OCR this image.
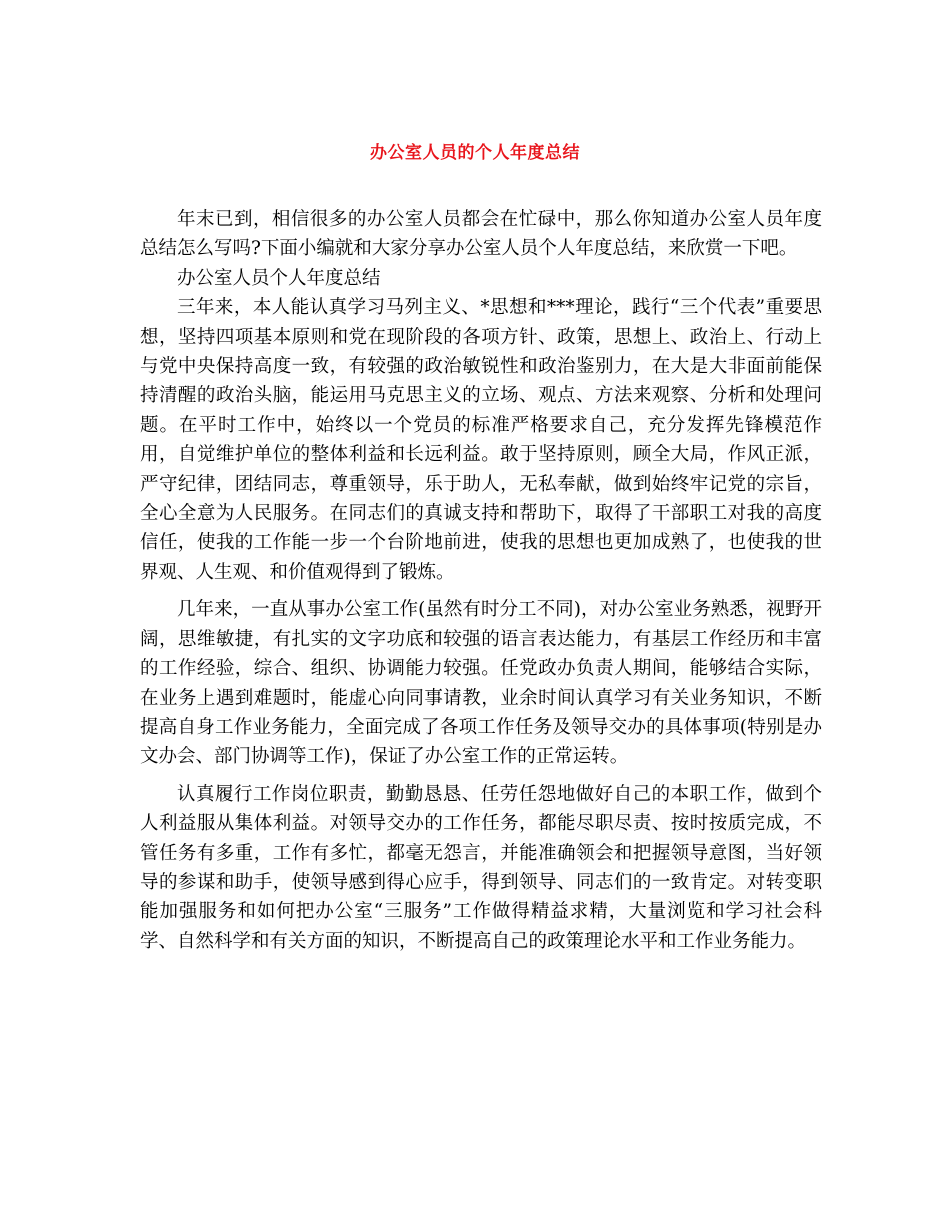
办公室人员的个人年度总结

年末已到，相信很多的办公室人员都会在忙碌中，那么你知道办公室人员年度总结怎么写吗?下面小编就和大家分享办公室人员个人年度总结，来欣赏一下吧。

办公室人员个人年度总结

三年来，本人能认真学习马列主义、*思想和***理论，践行“三个代表”重要思想，坚持四项基本原则和党在现阶段的各项方针、政策，思想上、政治上、行动上与党中央保持高度一致，有较强的政治敏锐性和政治鉴别力，在大是大非面前能保持清醒的政治头脑，能运用马克思主义的立场、观点、方法来观察、分析和处理问题。在平时工作中，始终以一个党员的标准严格要求自己，充分发挥先锋模范作用，自觉维护单位的整体利益和长远利益。敢于坚持原则，顾全大局，作风正派，严守纪律，团结同志，尊重领导，乐于助人，无私奉献，做到始终牢记党的宗旨，全心全意为人民服务。在同志们的真诚支持和帮助下，取得了干部职工对我的高度信任，使我的工作能一步一个台阶地前进，使我的思想也更加成熟了，也使我的世界观、人生观、和价值观得到了锻炼。

几年来，一直从事办公室工作(虽然有时分工不同)，对办公室业务熟悉，视野开阔，思维敏捷，有扎实的文字功底和较强的语言表达能力，有基层工作经历和丰富的工作经验，综合、组织、协调能力较强。任党政办负责人期间，能够结合实际，在业务上遇到难题时，能虚心向同事请教，业余时间认真学习有关业务知识，不断提高自身工作业务能力，全面完成了各项工作任务及领导交办的具体事项(特别是办文办会、部门协调等工作)，保证了办公室工作的正常运转。

认真履行工作岗位职责，勤勤恳恳、任劳任怨地做好自己的本职工作，做到个人利益服从集体利益。对领导交办的工作任务，都能尽职尽责、按时按质完成，不管任务有多重，工作有多忙，都毫无怨言，并能准确领会和把握领导意图，当好领导的参谋和助手，使领导感到得心应手，得到领导、同志们的一致肯定。对转变职能加强服务和如何把办公室“三服务”工作做得精益求精，大量浏览和学习社会科学、自然科学和有关方面的知识，不断提高自己的政策理论水平和工作业务能力。
